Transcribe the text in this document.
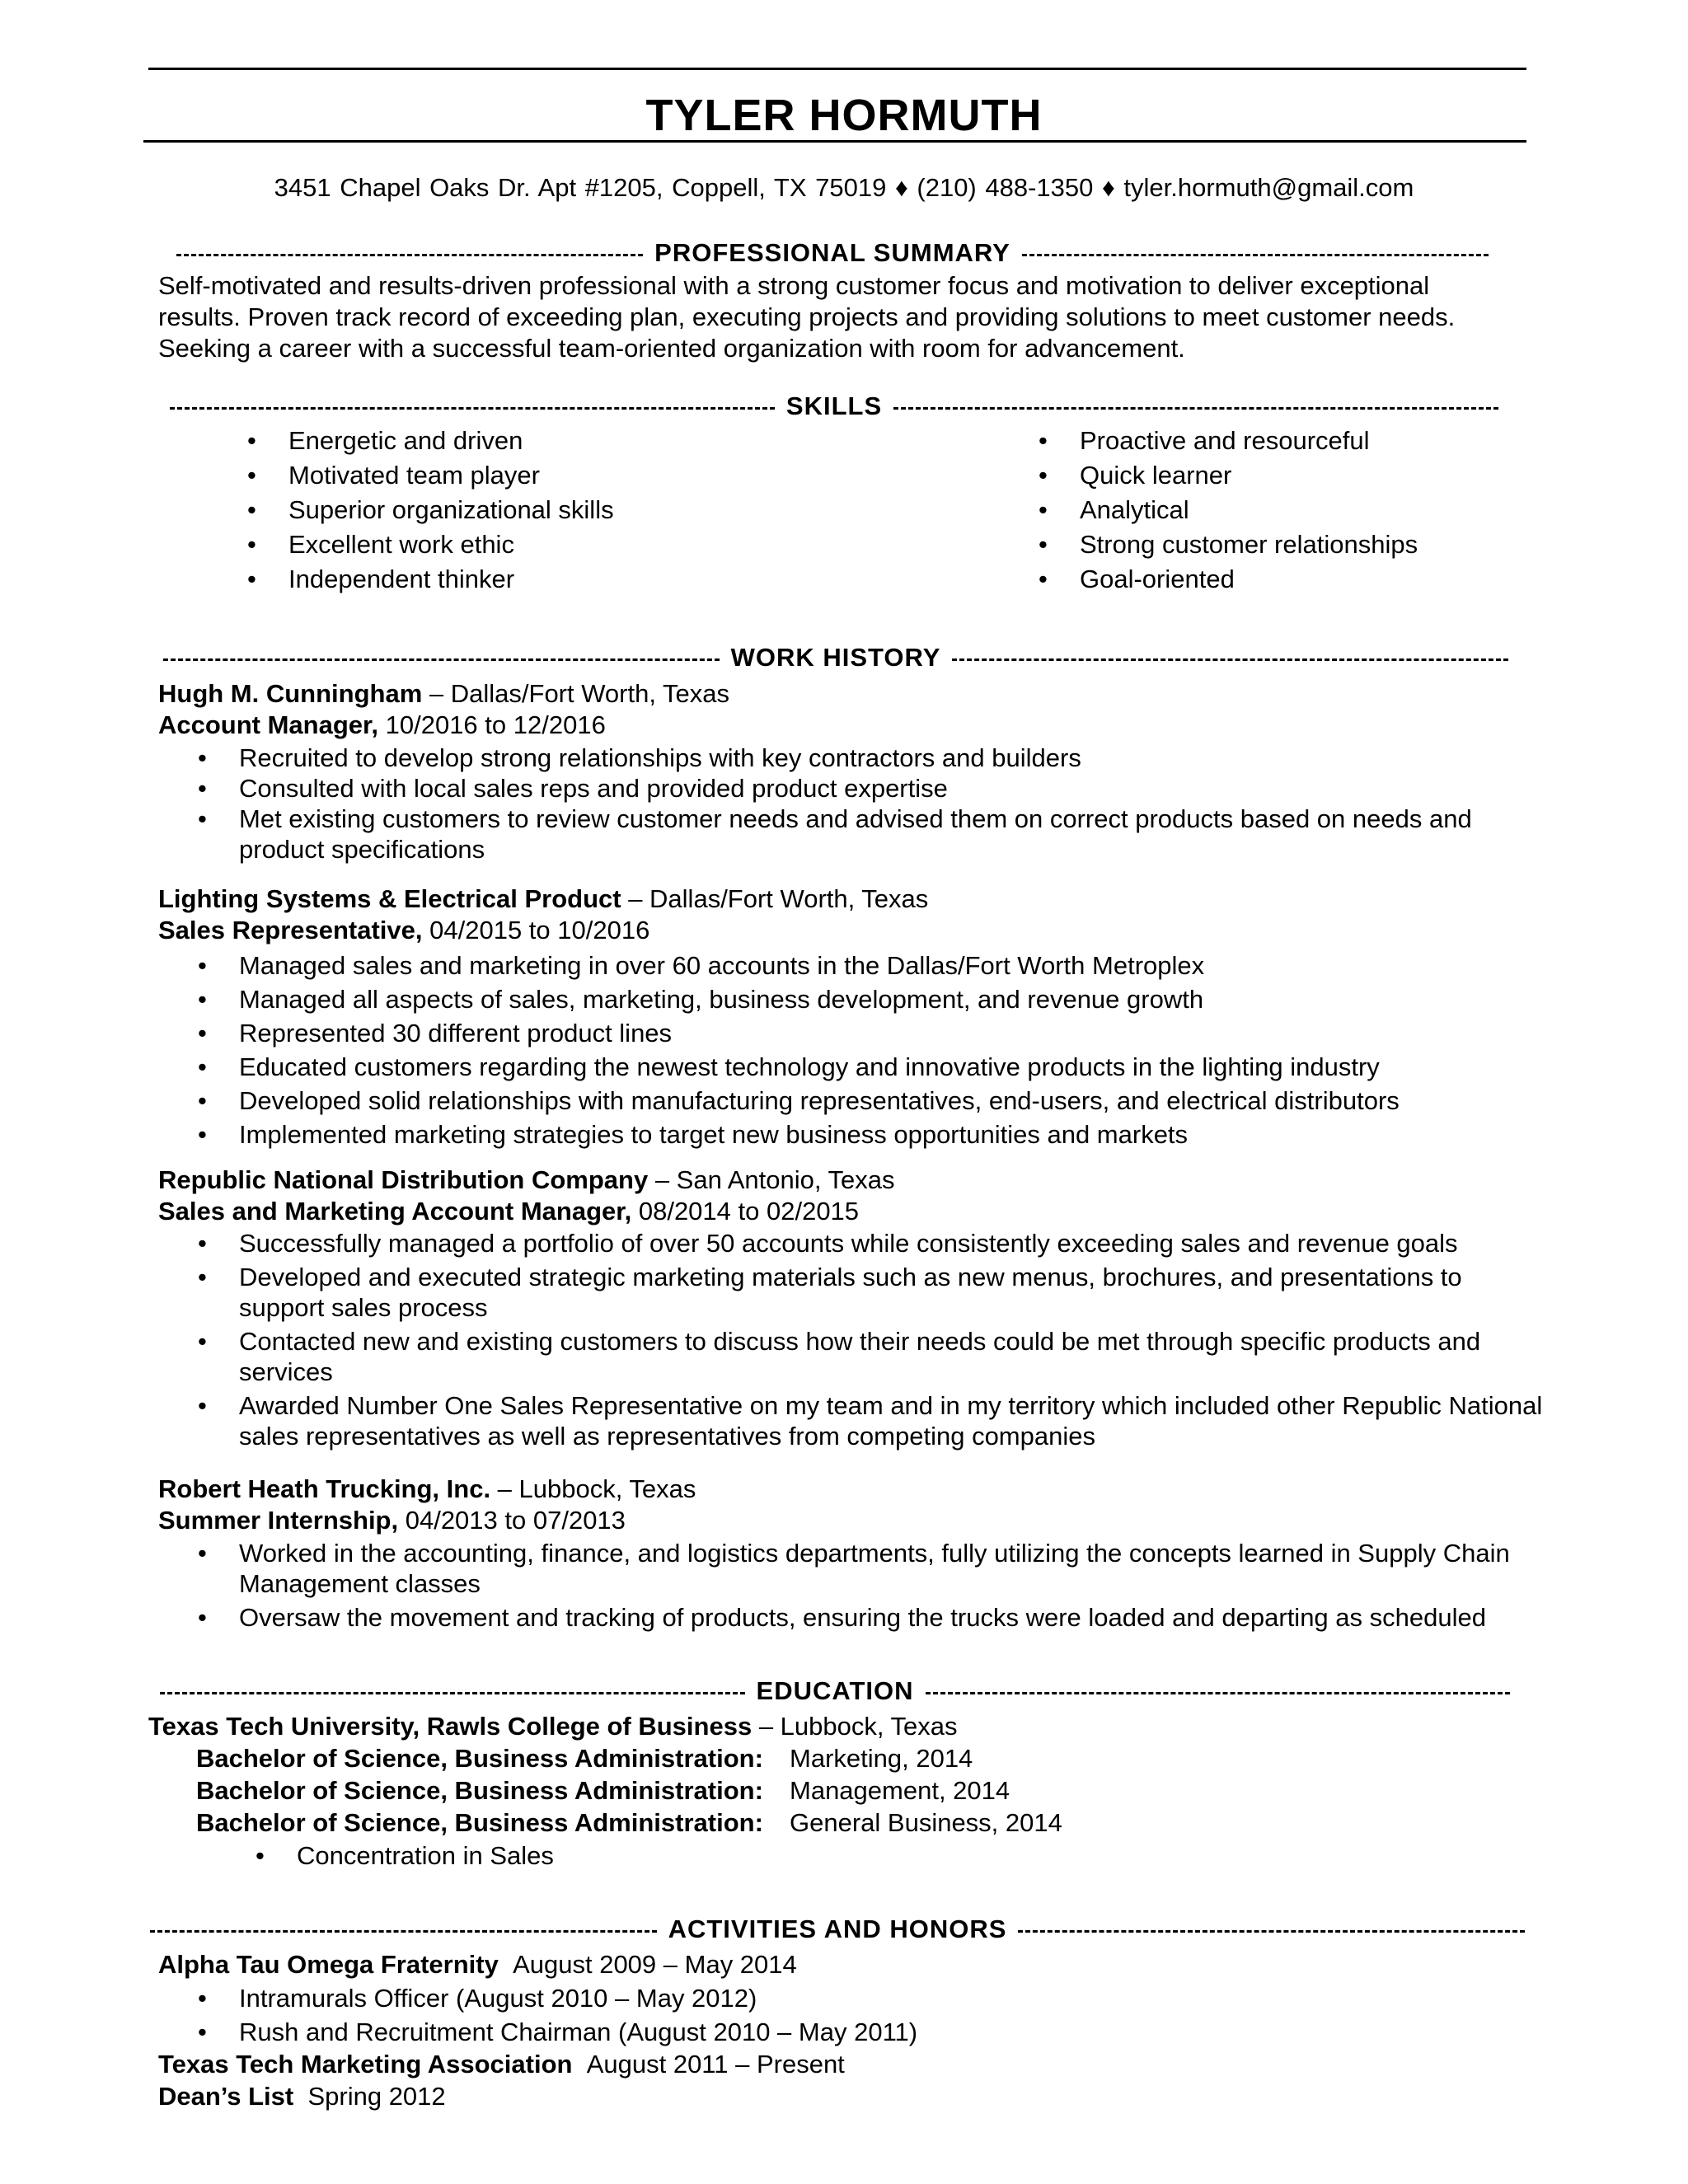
TYLER HORMUTH
3451 Chapel Oaks Dr. Apt #1205, Coppell, TX 75019 ♦ (210) 488-1350 ♦ tyler.hormuth@gmail.com
PROFESSIONAL SUMMARY
Self-motivated and results-driven professional with a strong customer focus and motivation to deliver exceptional results. Proven track record of exceeding plan, executing projects and providing solutions to meet customer needs. Seeking a career with a successful team-oriented organization with room for advancement.
SKILLS
• Energetic and driven
• Motivated team player
• Superior organizational skills
• Excellent work ethic
• Independent thinker
• Proactive and resourceful
• Quick learner
• Analytical
• Strong customer relationships
• Goal-oriented
WORK HISTORY
Hugh M. Cunningham – Dallas/Fort Worth, Texas
Account Manager, 10/2016 to 12/2016
• Recruited to develop strong relationships with key contractors and builders
• Consulted with local sales reps and provided product expertise
• Met existing customers to review customer needs and advised them on correct products based on needs and product specifications
Lighting Systems & Electrical Product – Dallas/Fort Worth, Texas
Sales Representative, 04/2015 to 10/2016
• Managed sales and marketing in over 60 accounts in the Dallas/Fort Worth Metroplex
• Managed all aspects of sales, marketing, business development, and revenue growth
• Represented 30 different product lines
• Educated customers regarding the newest technology and innovative products in the lighting industry
• Developed solid relationships with manufacturing representatives, end-users, and electrical distributors
• Implemented marketing strategies to target new business opportunities and markets
Republic National Distribution Company – San Antonio, Texas
Sales and Marketing Account Manager, 08/2014 to 02/2015
• Successfully managed a portfolio of over 50 accounts while consistently exceeding sales and revenue goals
• Developed and executed strategic marketing materials such as new menus, brochures, and presentations to support sales process
• Contacted new and existing customers to discuss how their needs could be met through specific products and services
• Awarded Number One Sales Representative on my team and in my territory which included other Republic National sales representatives as well as representatives from competing companies
Robert Heath Trucking, Inc. – Lubbock, Texas
Summer Internship, 04/2013 to 07/2013
• Worked in the accounting, finance, and logistics departments, fully utilizing the concepts learned in Supply Chain Management classes
• Oversaw the movement and tracking of products, ensuring the trucks were loaded and departing as scheduled
EDUCATION
Texas Tech University, Rawls College of Business – Lubbock, Texas
Bachelor of Science, Business Administration: Marketing, 2014
Bachelor of Science, Business Administration: Management, 2014
Bachelor of Science, Business Administration: General Business, 2014
• Concentration in Sales
ACTIVITIES AND HONORS
Alpha Tau Omega Fraternity August 2009 – May 2014
• Intramurals Officer (August 2010 – May 2012)
• Rush and Recruitment Chairman (August 2010 – May 2011)
Texas Tech Marketing Association August 2011 – Present
Dean’s List Spring 2012
